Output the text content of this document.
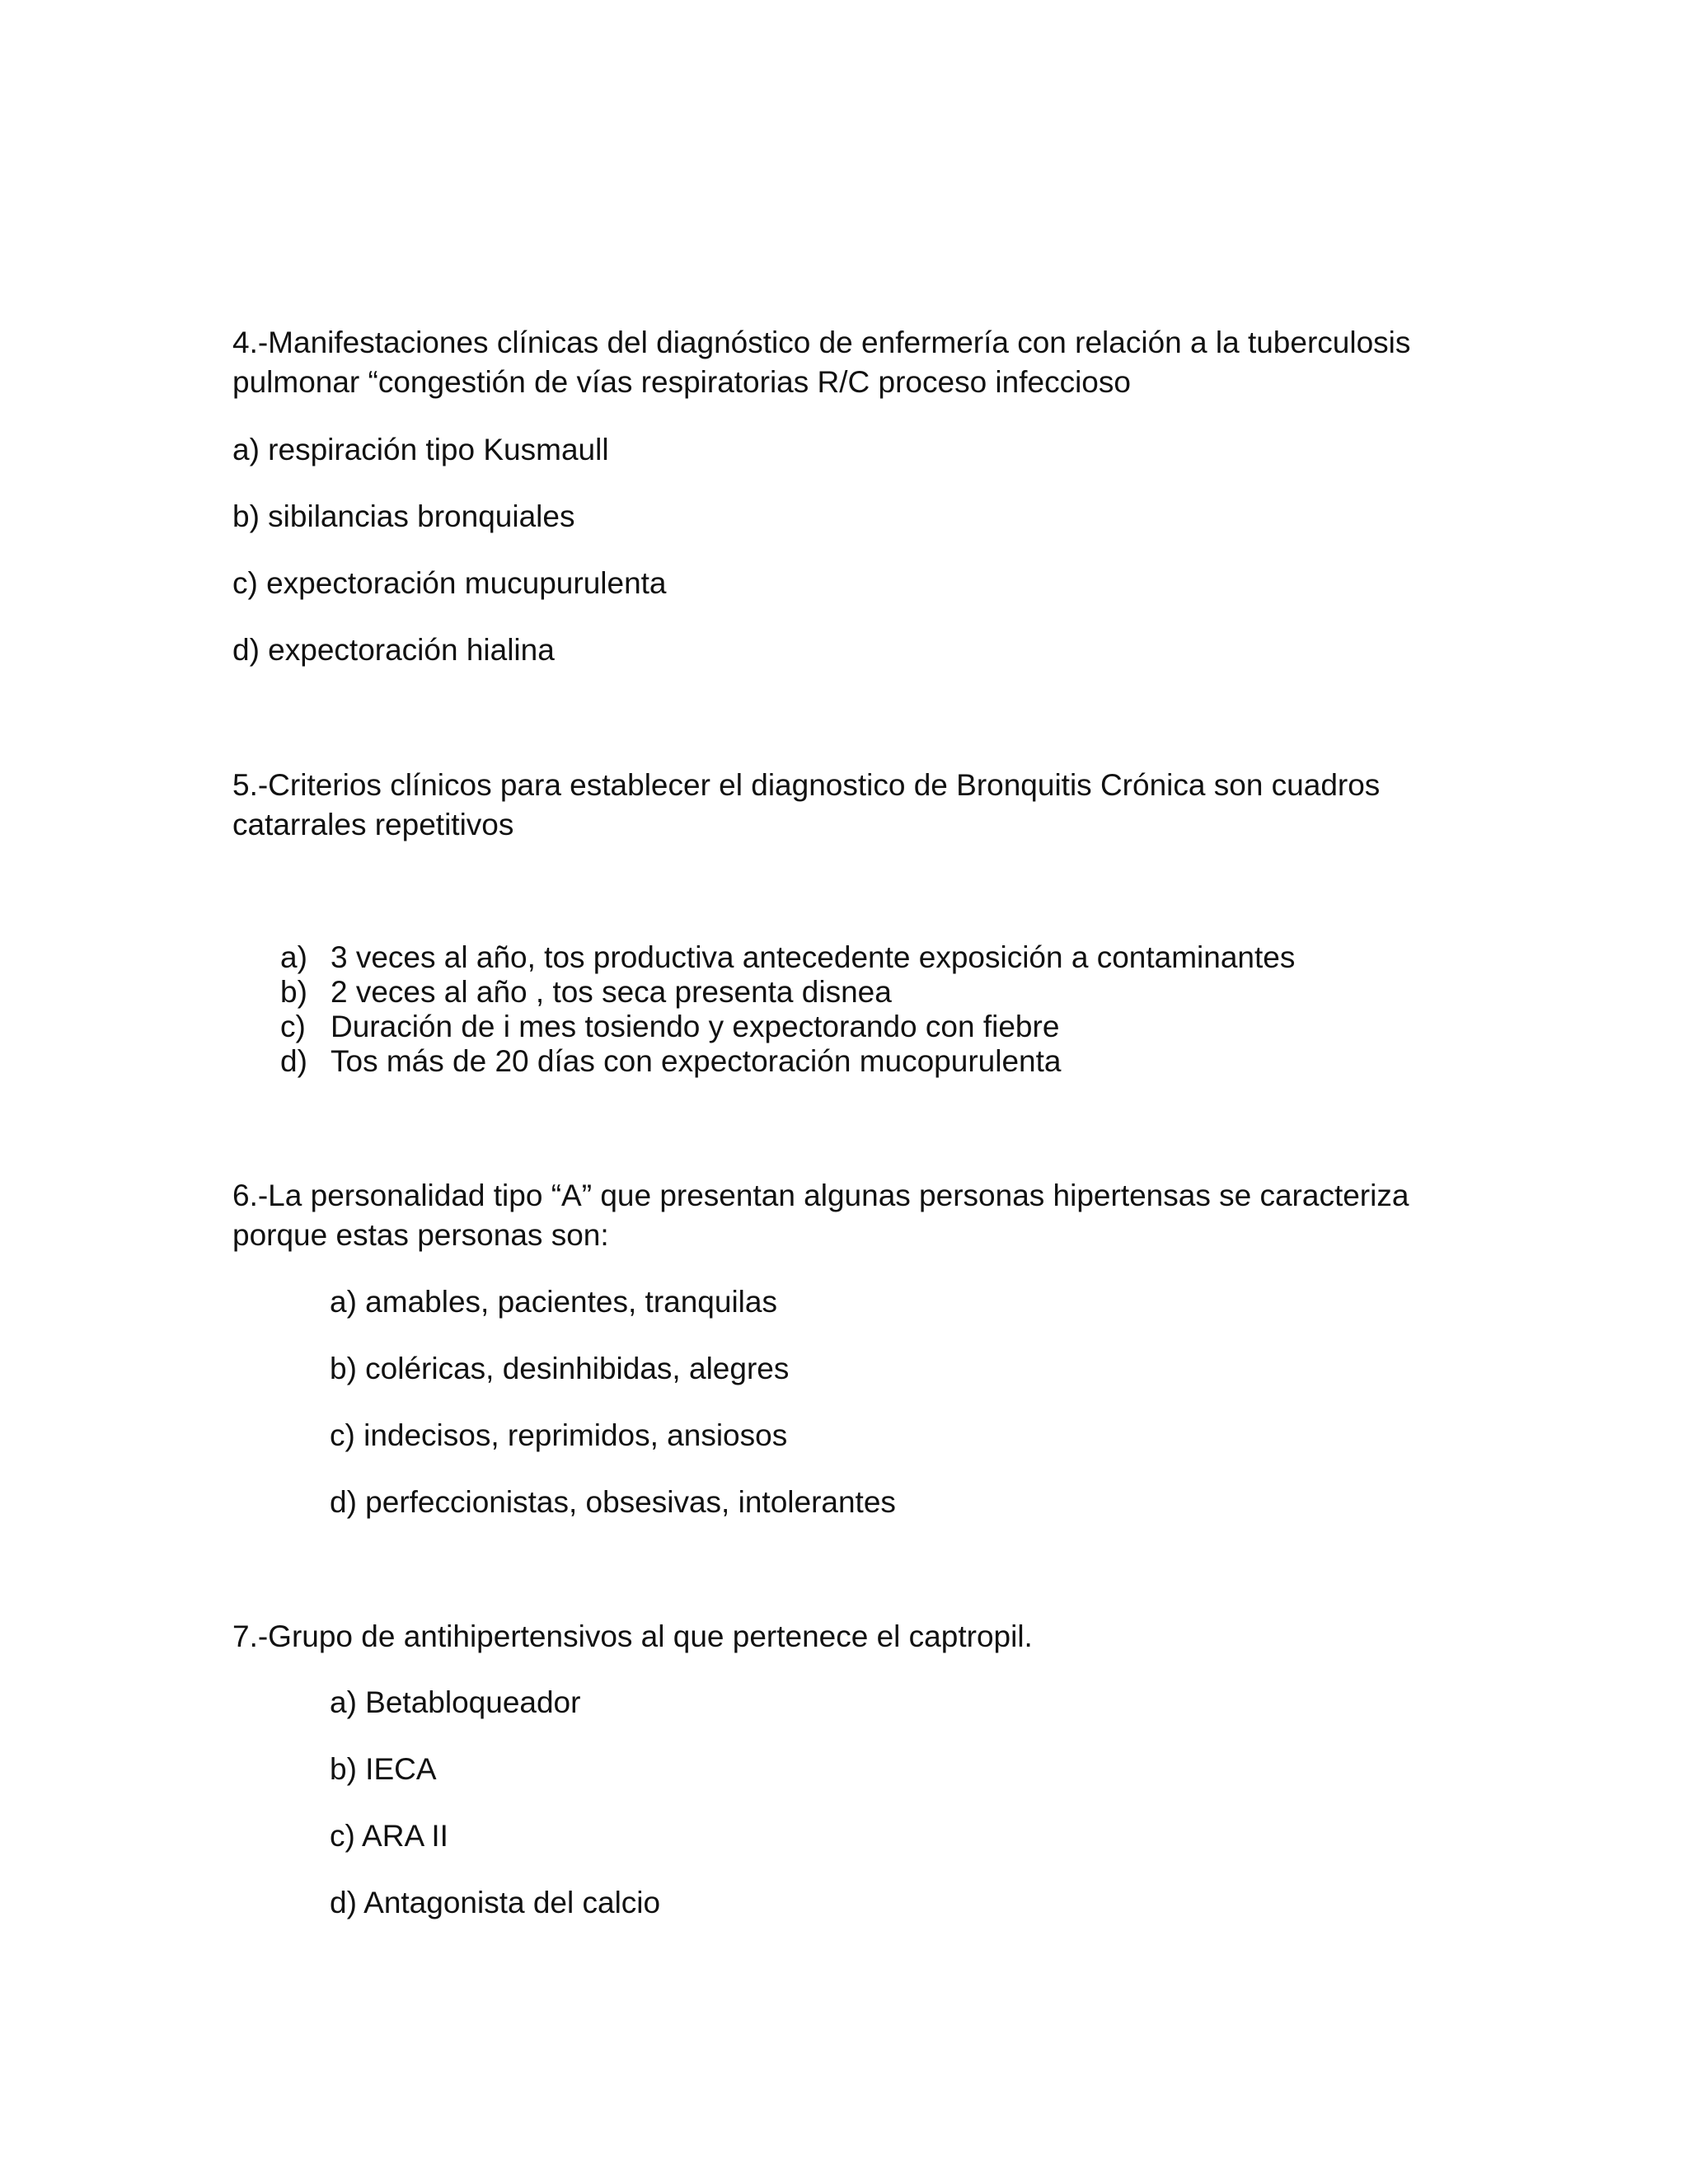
4.-Manifestaciones clínicas del diagnóstico de enfermería con relación a la tuberculosis

pulmonar “congestión de vías respiratorias R/C proceso infeccioso

a) respiración tipo Kusmaull

b) sibilancias bronquiales

c) expectoración mucupurulenta

d) expectoración hialina

5.-Criterios clínicos para establecer el diagnostico de Bronquitis Crónica son cuadros

catarrales repetitivos

a) 3 veces al año, tos productiva antecedente exposición a contaminantes
b) 2 veces al año , tos seca presenta disnea
c) Duración de i mes tosiendo y expectorando con fiebre
d) Tos más de 20 días con expectoración mucopurulenta

6.-La personalidad tipo “A” que presentan algunas personas hipertensas se caracteriza

porque estas personas son:

a) amables, pacientes, tranquilas

b) coléricas, desinhibidas, alegres

c) indecisos, reprimidos, ansiosos

d) perfeccionistas, obsesivas, intolerantes

7.-Grupo de antihipertensivos al que pertenece el captropil.

a) Betabloqueador

b) IECA

c) ARA II

d) Antagonista del calcio
